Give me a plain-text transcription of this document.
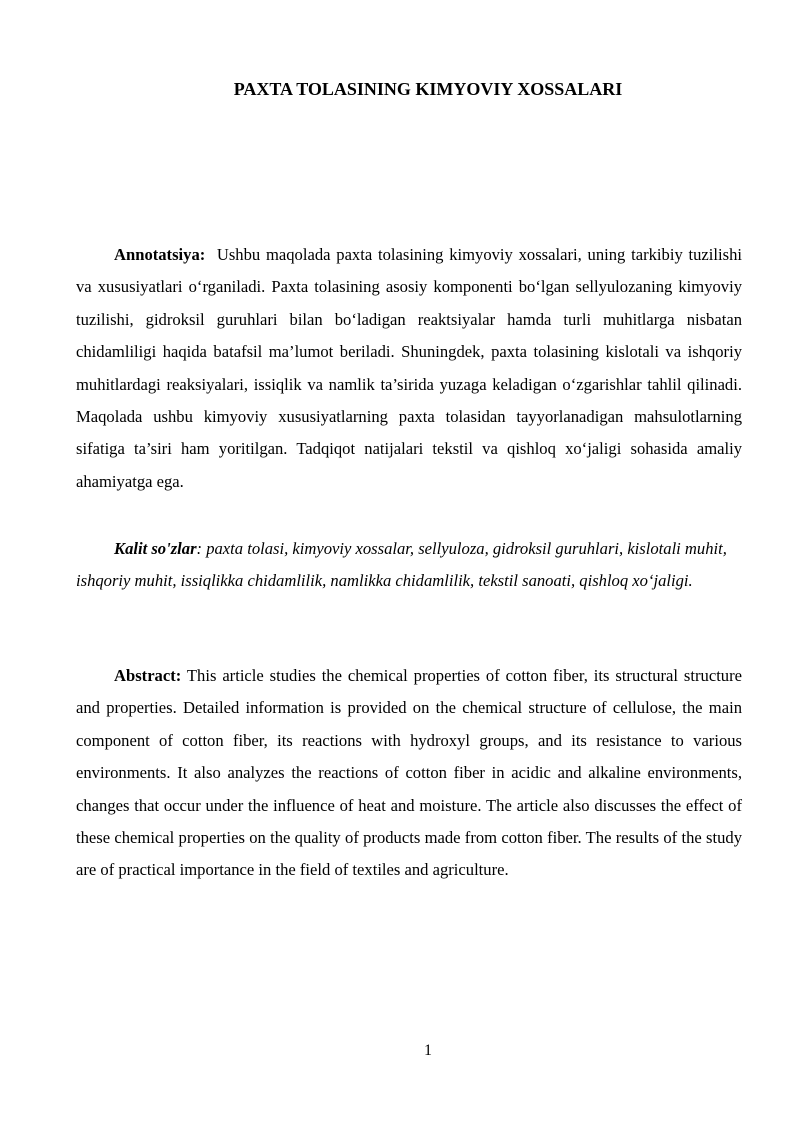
PAXTA TOLASINING KIMYOVIY XOSSALARI

Annotatsiya: Ushbu maqolada paxta tolasining kimyoviy xossalari, uning tarkibiy tuzilishi va xususiyatlari o‘rganiladi. Paxta tolasining asosiy komponenti bo‘lgan sellyulozaning kimyoviy tuzilishi, gidroksil guruhlari bilan bo‘ladigan reaktsiyalar hamda turli muhitlarga nisbatan chidamliligi haqida batafsil ma’lumot beriladi. Shuningdek, paxta tolasining kislotali va ishqoriy muhitlardagi reaksiyalari, issiqlik va namlik ta’sirida yuzaga keladigan o‘zgarishlar tahlil qilinadi. Maqolada ushbu kimyoviy xususiyatlarning paxta tolasidan tayyorlanadigan mahsulotlarning sifatiga ta’siri ham yoritilgan. Tadqiqot natijalari tekstil va qishloq xo‘jaligi sohasida amaliy ahamiyatga ega.

Kalit so'zlar: paxta tolasi, kimyoviy xossalar, sellyuloza, gidroksil guruhlari, kislotali muhit, ishqoriy muhit, issiqlikka chidamlilik, namlikka chidamlilik, tekstil sanoati, qishloq xo‘jaligi.

Abstract: This article studies the chemical properties of cotton fiber, its structural structure and properties. Detailed information is provided on the chemical structure of cellulose, the main component of cotton fiber, its reactions with hydroxyl groups, and its resistance to various environments. It also analyzes the reactions of cotton fiber in acidic and alkaline environments, changes that occur under the influence of heat and moisture. The article also discusses the effect of these chemical properties on the quality of products made from cotton fiber. The results of the study are of practical importance in the field of textiles and agriculture.

1
